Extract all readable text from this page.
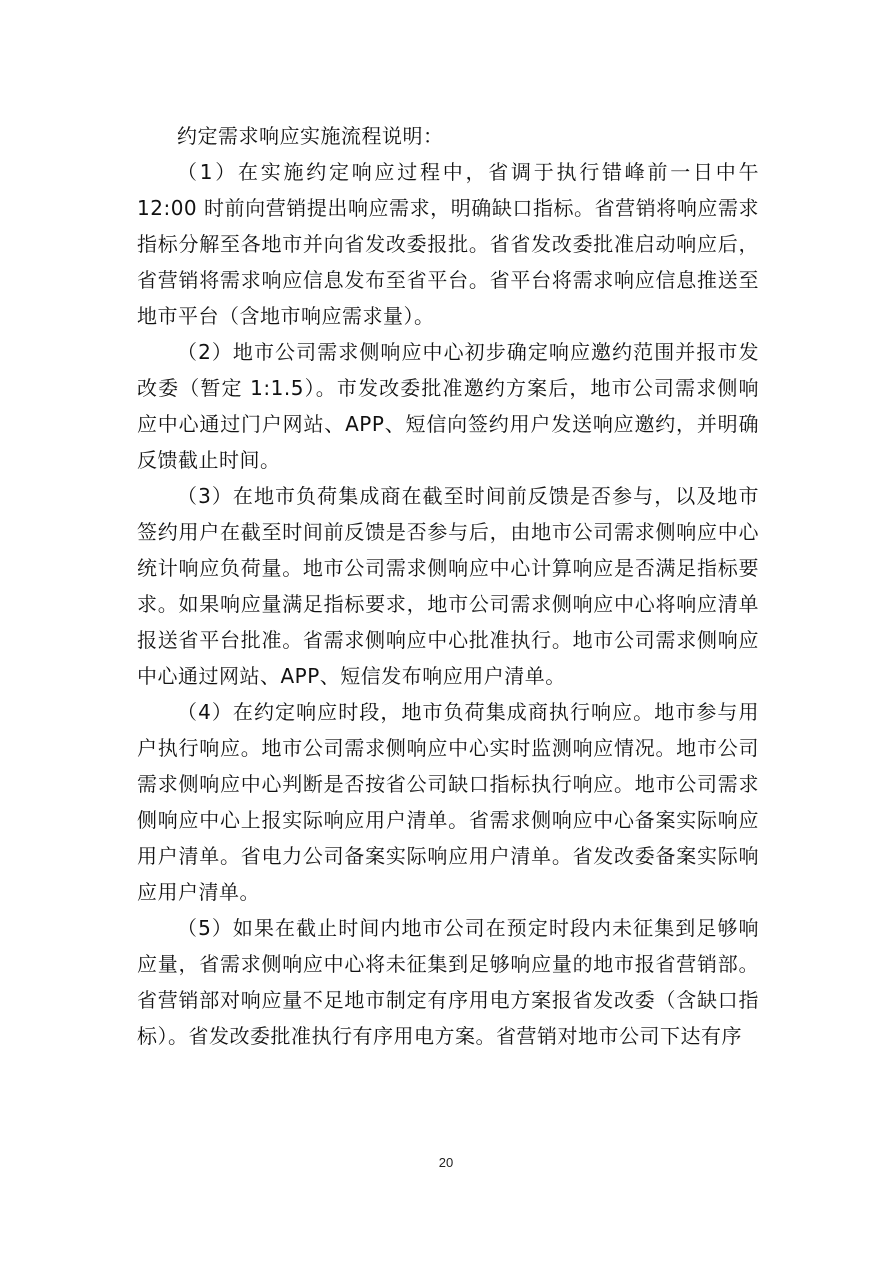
约定需求响应实施流程说明：

（1）在实施约定响应过程中，省调于执行错峰前一日中午 12:00 时前向营销提出响应需求，明确缺口指标。省营销将响应需求指标分解至各地市并向省发改委报批。省省发改委批准启动响应后，省营销将需求响应信息发布至省平台。省平台将需求响应信息推送至地市平台（含地市响应需求量）。

（2）地市公司需求侧响应中心初步确定响应邀约范围并报市发改委（暂定 1:1.5）。市发改委批准邀约方案后，地市公司需求侧响应中心通过门户网站、APP、短信向签约用户发送响应邀约，并明确反馈截止时间。

（3）在地市负荷集成商在截至时间前反馈是否参与，以及地市签约用户在截至时间前反馈是否参与后，由地市公司需求侧响应中心统计响应负荷量。地市公司需求侧响应中心计算响应是否满足指标要求。如果响应量满足指标要求，地市公司需求侧响应中心将响应清单报送省平台批准。省需求侧响应中心批准执行。地市公司需求侧响应中心通过网站、APP、短信发布响应用户清单。

（4）在约定响应时段，地市负荷集成商执行响应。地市参与用户执行响应。地市公司需求侧响应中心实时监测响应情况。地市公司需求侧响应中心判断是否按省公司缺口指标执行响应。地市公司需求侧响应中心上报实际响应用户清单。省需求侧响应中心备案实际响应用户清单。省电力公司备案实际响应用户清单。省发改委备案实际响应用户清单。

（5）如果在截止时间内地市公司在预定时段内未征集到足够响应量，省需求侧响应中心将未征集到足够响应量的地市报省营销部。省营销部对响应量不足地市制定有序用电方案报省发改委（含缺口指标）。省发改委批准执行有序用电方案。省营销对地市公司下达有序

20
